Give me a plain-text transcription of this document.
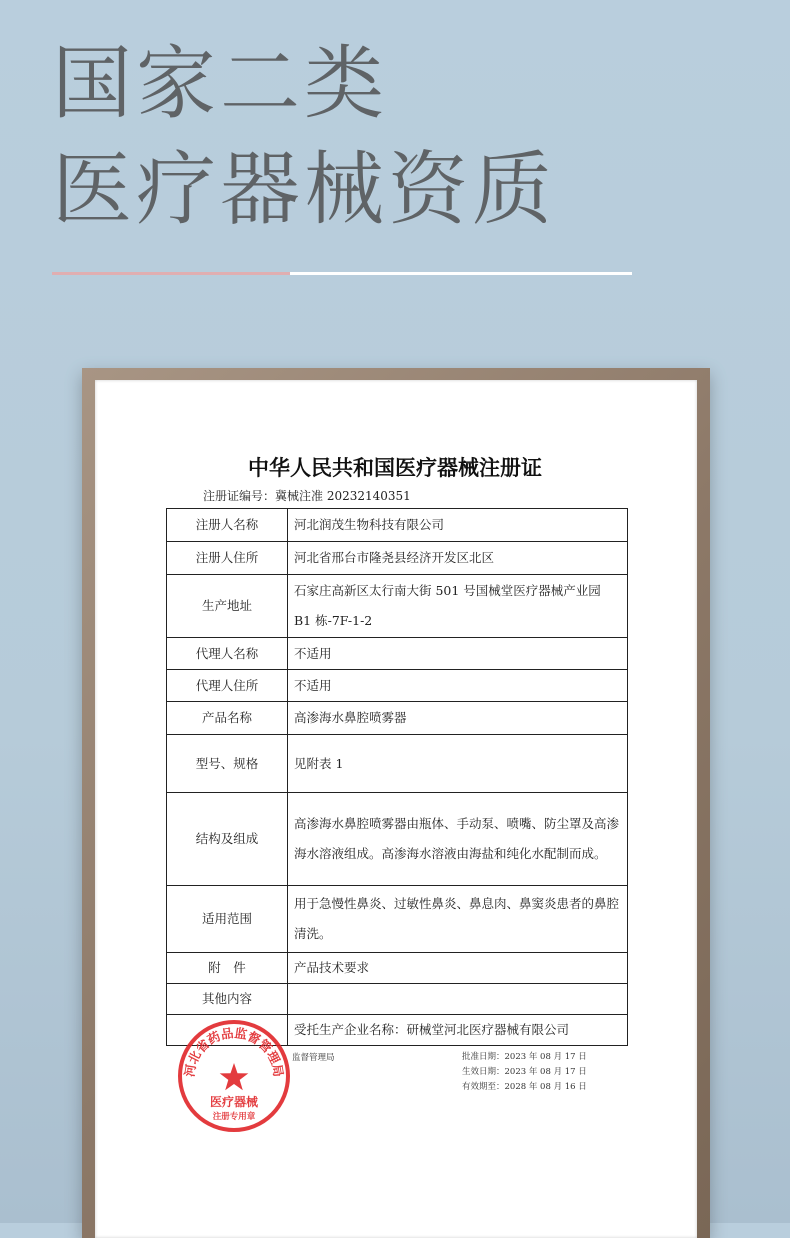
国家二类
医疗器械资质
中华人民共和国医疗器械注册证
注册证编号：冀械注准 20232140351
注册人名称	河北润茂生物科技有限公司
注册人住所	河北省邢台市隆尧县经济开发区北区
生产地址	石家庄高新区太行南大街 501 号国械堂医疗器械产业园 B1 栋-7F-1-2
代理人名称	不适用
代理人住所	不适用
产品名称	高渗海水鼻腔喷雾器
型号、规格	见附表 1
结构及组成	高渗海水鼻腔喷雾器由瓶体、手动泵、喷嘴、防尘罩及高渗海水溶液组成。高渗海水溶液由海盐和纯化水配制而成。
适用范围	用于急慢性鼻炎、过敏性鼻炎、鼻息肉、鼻窦炎患者的鼻腔清洗。
附　件	产品技术要求
其他内容	
	受托生产企业名称：研械堂河北医疗器械有限公司
监督管理局	批准日期：2023 年 08 月 17 日
生效日期：2023 年 08 月 17 日
有效期至：2028 年 08 月 16 日
河北省药品监督管理局
医疗器械
注册专用章
